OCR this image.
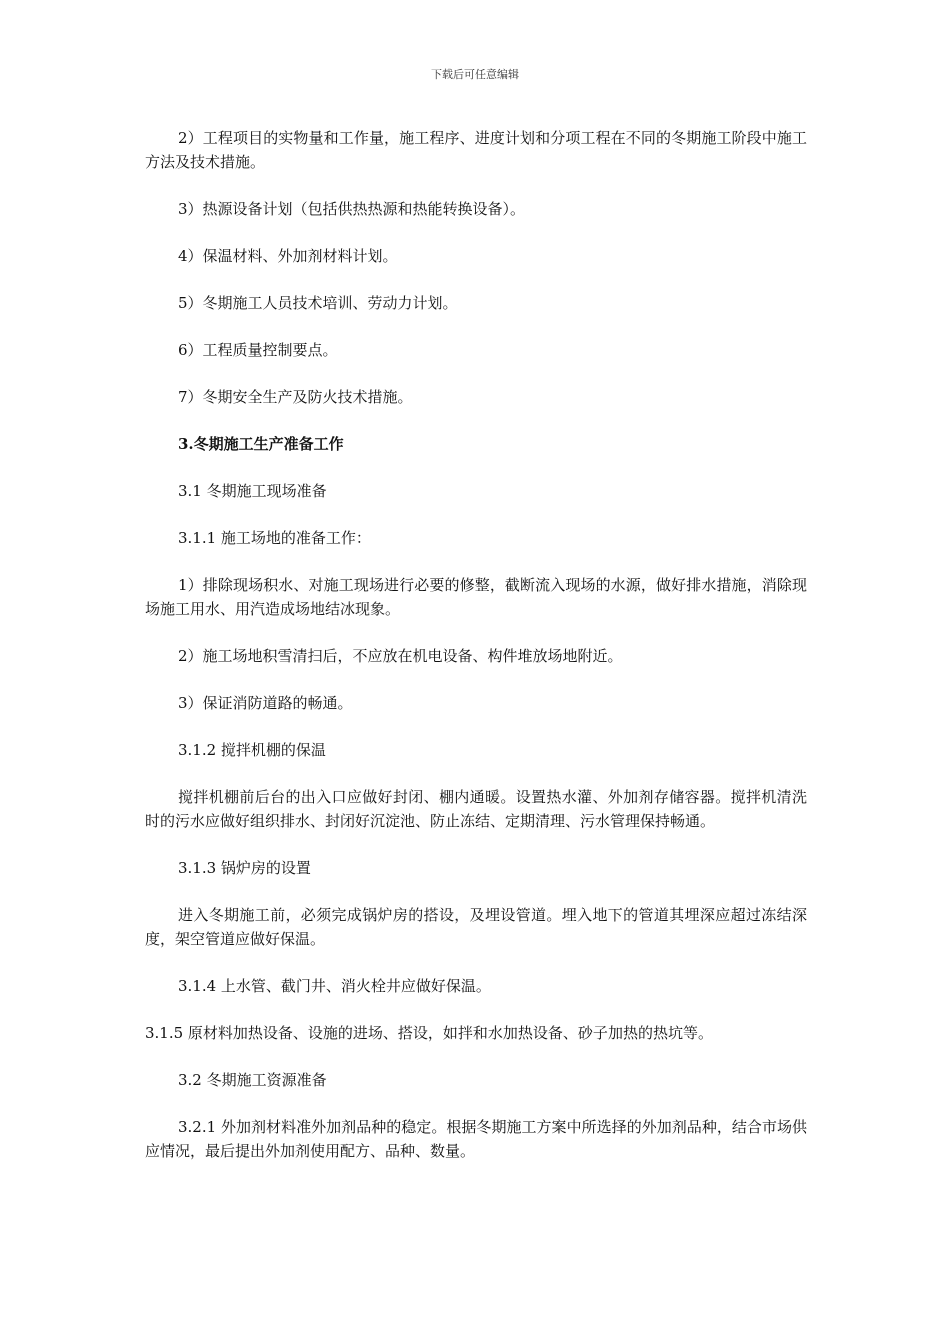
下载后可任意编辑

2）工程项目的实物量和工作量，施工程序、进度计划和分项工程在不同的冬期施工阶段中施工方法及技术措施。

3）热源设备计划（包括供热热源和热能转换设备）。

4）保温材料、外加剂材料计划。

5）冬期施工人员技术培训、劳动力计划。

6）工程质量控制要点。

7）冬期安全生产及防火技术措施。

3.冬期施工生产准备工作

3.1 冬期施工现场准备

3.1.1 施工场地的准备工作：

1）排除现场积水、对施工现场进行必要的修整，截断流入现场的水源，做好排水措施，消除现场施工用水、用汽造成场地结冰现象。

2）施工场地积雪清扫后，不应放在机电设备、构件堆放场地附近。

3）保证消防道路的畅通。

3.1.2 搅拌机棚的保温

搅拌机棚前后台的出入口应做好封闭、棚内通暖。设置热水灌、外加剂存储容器。搅拌机清洗时的污水应做好组织排水、封闭好沉淀池、防止冻结、定期清理、污水管理保持畅通。

3.1.3 锅炉房的设置

进入冬期施工前，必须完成锅炉房的搭设，及埋设管道。埋入地下的管道其埋深应超过冻结深度，架空管道应做好保温。

3.1.4 上水管、截门井、消火栓井应做好保温。

3.1.5 原材料加热设备、设施的进场、搭设，如拌和水加热设备、砂子加热的热坑等。

3.2 冬期施工资源准备

3.2.1 外加剂材料准外加剂品种的稳定。根据冬期施工方案中所选择的外加剂品种，结合市场供应情况，最后提出外加剂使用配方、品种、数量。
